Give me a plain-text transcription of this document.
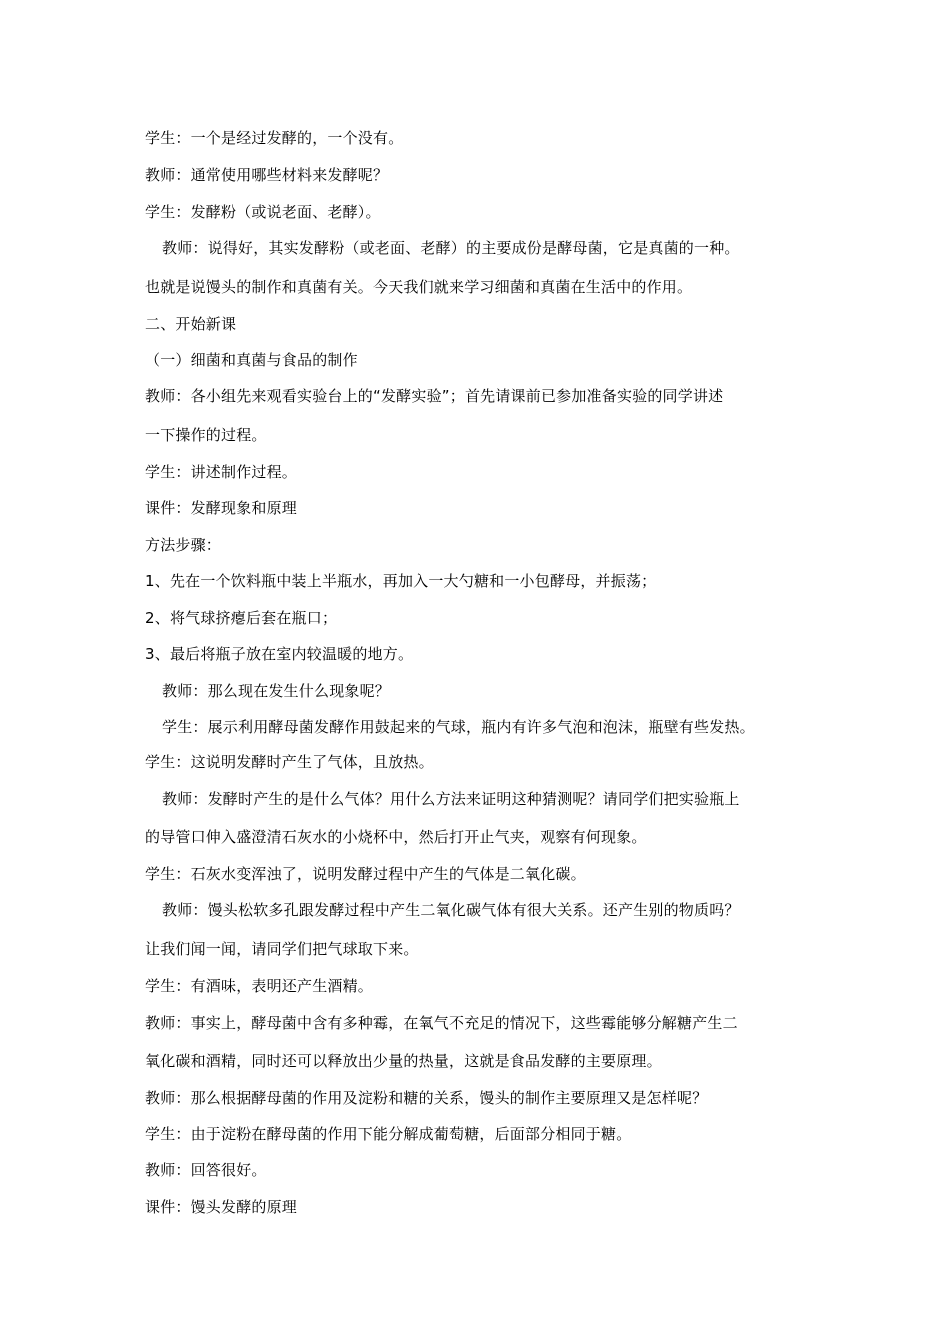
学生：一个是经过发酵的，一个没有。
教师：通常使用哪些材料来发酵呢？
学生：发酵粉（或说老面、老酵）。
教师：说得好，其实发酵粉（或老面、老酵）的主要成份是酵母菌，它是真菌的一种。
也就是说馒头的制作和真菌有关。今天我们就来学习细菌和真菌在生活中的作用。
二、开始新课
（一）细菌和真菌与食品的制作
教师：各小组先来观看实验台上的“发酵实验”；首先请课前已参加准备实验的同学讲述
一下操作的过程。
学生：讲述制作过程。
课件：发酵现象和原理
方法步骤：
1、先在一个饮料瓶中装上半瓶水，再加入一大勺糖和一小包酵母，并振荡；
2、将气球挤瘪后套在瓶口；
3、最后将瓶子放在室内较温暖的地方。
教师：那么现在发生什么现象呢？
学生：展示利用酵母菌发酵作用鼓起来的气球，瓶内有许多气泡和泡沫，瓶壁有些发热。
学生：这说明发酵时产生了气体，且放热。
教师：发酵时产生的是什么气体？用什么方法来证明这种猜测呢？请同学们把实验瓶上
的导管口伸入盛澄清石灰水的小烧杯中，然后打开止气夹，观察有何现象。
学生：石灰水变浑浊了，说明发酵过程中产生的气体是二氧化碳。
教师：馒头松软多孔跟发酵过程中产生二氧化碳气体有很大关系。还产生别的物质吗？
让我们闻一闻，请同学们把气球取下来。
学生：有酒味，表明还产生酒精。
教师：事实上，酵母菌中含有多种霉，在氧气不充足的情况下，这些霉能够分解糖产生二
氧化碳和酒精，同时还可以释放出少量的热量，这就是食品发酵的主要原理。
教师：那么根据酵母菌的作用及淀粉和糖的关系，馒头的制作主要原理又是怎样呢？
学生：由于淀粉在酵母菌的作用下能分解成葡萄糖，后面部分相同于糖。
教师：回答很好。
课件：馒头发酵的原理
